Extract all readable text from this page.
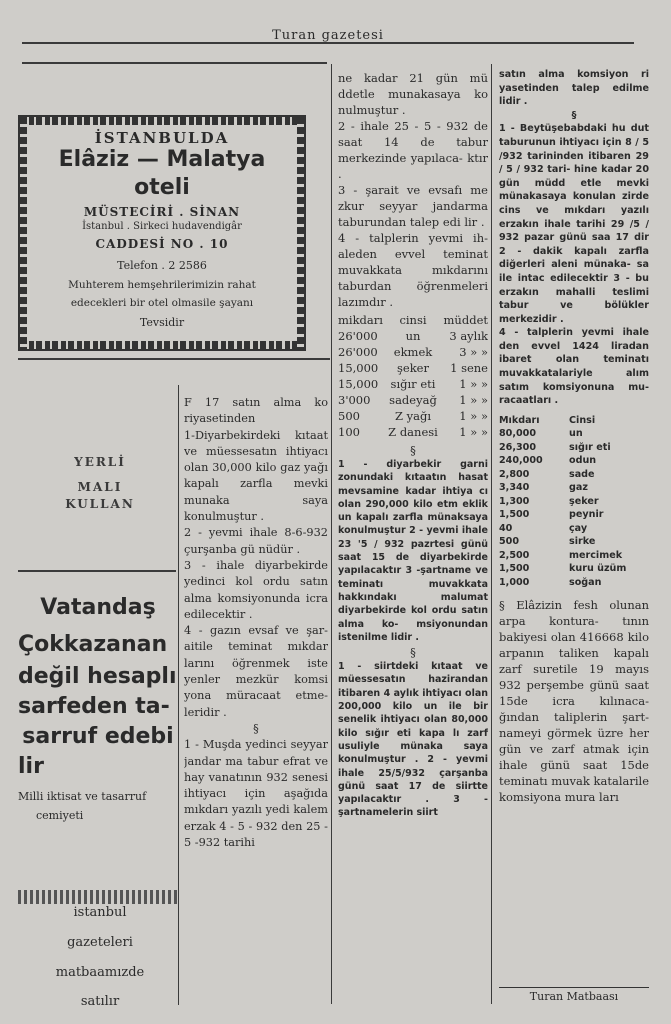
$_{Turan gazetesi}$
İSTANBULDA
Elâziz — Malatya
oteli
MÜSTECİRİ . SİNAN
İstanbul . Sirkeci hudavendigâr
CADDESİ NO . 10
Telefon . 2 2586
Muhterem hemşehrilerimizin rahat
edecekleri bir otel olmasile şayanı
Tevsidir
YERLİ
MALI
KULLAN
Vatandaş
Çokkazanan
değil hesaplı
sarfeden ta-
sarruf edebi
lir
Milli iktisat ve tasarruf
cemiyeti
istanbul
gazeteleri
matbaamızde
satılır

F 17 satın alma ko riyasetinden

1-Diyarbekirdeki kıtaat ve müessesatın ihtiyacı olan 30,000 kilo gaz yağı kapalı zarfla mevki munaka saya konulmuştur .

2 - yevmi ihale 8-6-932 çurşanba gü nüdür .

3 - ihale diyarbekirde yedinci kol ordu satın alma komsiyonunda icra edilecektir .

4 - gazın evsaf ve şar- aitile teminat mıkdar larını öğrenmek iste yenler mezkür komsi yona müracaat etme- leridir .

§

1 - Muşda yedinci seyyar jandar ma tabur efrat ve hay vanatının 932 senesi ihtiyacı için aşağıda mıkdarı yazılı yedi kalem erzak 4 - 5 - 932 den 25 - 5 -932 tarihi

ne kadar 21 gün mü ddetle munakasaya ko nulmuştur .

2 - ihale 25 - 5 - 932 de saat 14 de tabur merkezinde yapılaca- ktır .

3 - şarait ve evsafı me zkur seyyar jandarma taburundan talep edi lir .

4 - talplerin yevmi ih- aleden evvel teminat muvakkata mıkdarını taburdan öğrenmeleri lazımdır .

mikdarı	cinsi	müddet
26'000	un	3 aylık
26'000	ekmek	3 » »
15,000	şeker	1 sene
15,000	sığır eti	1 » »
3'000	sadeyağ	1 » »
500	Z yağı	1 » »
100	Z danesi	1 » »

§

1 - diyarbekir garni zonundaki kıtaatın hasat mevsamine kadar ihtiya cı olan 290,000 kilo etm eklik un kapalı zarfla münaksaya konulmuştur 2 - yevmi ihale 23 '5 / 932 pazrtesi günü saat 15 de diyarbekirde yapılacaktır 3 -şartname ve teminatı muvakkata hakkındakı malumat diyarbekirde kol ordu satın alma ko- msiyonundan istenilme lidir .

§

1 - siirtdeki kıtaat ve müessesatın hazirandan itibaren 4 aylık ihtiyacı olan 200,000 kilo un ile bir senelik ihtiyacı olan 80,000 kilo sığır eti kapa lı zarf usuliyle münaka saya konulmuştur . 2 - yevmi ihale 25/5/932 çarşanba günü saat 17 de siirtte yapılacaktır . 3 - şartnamelerin siirt

satın alma komsiyon ri yasetinden talep edilme lidir .

§

1 - Beytüşebabdaki hu dut taburunun ihtiyacı için 8 / 5 /932 tarininden itibaren 29 / 5 / 932 tari- hine kadar 20 gün müdd etle mevki münakasaya konulan zirde cins ve mıkdarı yazılı erzakın ihale tarihi 29 /5 / 932 pazar günü saa 17 dir 2 - dakik kapalı zarfla diğerleri aleni münaka- sa ile intac edilecektir 3 - bu erzakın mahalli teslimi tabur ve bölükler merkezidir .

4 - talplerin yevmi ihale den evvel 1424 liradan ibaret olan teminatı muvakkatalariyle alım satım komsiyonuna mu- racaatları .

Mıkdarı	Cinsi
80,000	un
26,300	sığır eti
240,000	odun
2,800	sade
3,340	gaz
1,300	şeker
1,500	peynir
40	çay
500	sirke
2,500	mercimek
1,500	kuru üzüm
1,000	soğan

§ Elâzizin fesh olunan arpa kontura- tının bakiyesi olan 416668 kilo arpanın taliken kapalı zarf suretile 19 mayıs 932 perşembe günü saat 15de icra kılınaca- ğından taliplerin şart- nameyi görmek üzre her gün ve zarf atmak için ihale günü saat 15de teminatı muvak katalarile komsiyona mura ları

Turan Matbaası
